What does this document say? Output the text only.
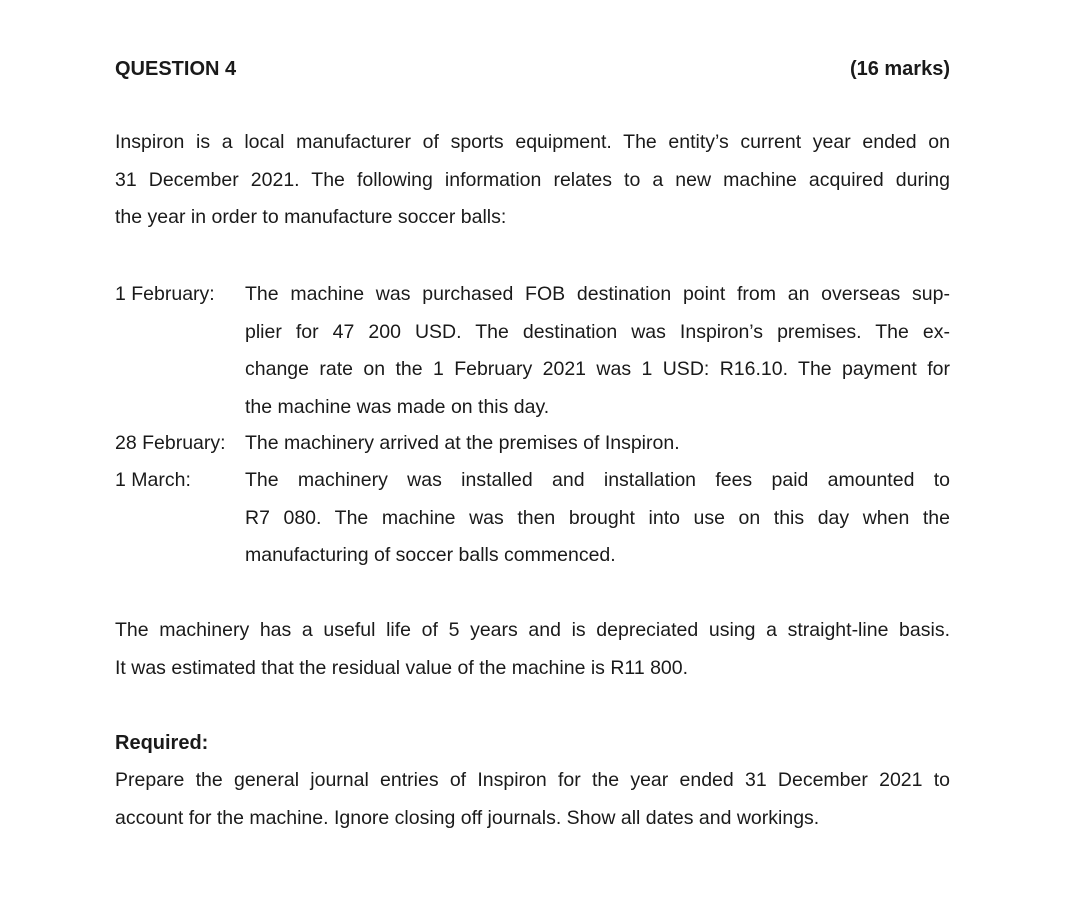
QUESTION 4	(16 marks)
Inspiron is a local manufacturer of sports equipment. The entity’s current year ended on
31 December 2021. The following information relates to a new machine acquired during
the year in order to manufacture soccer balls:
1 February: The machine was purchased FOB destination point from an overseas sup-
plier for 47 200 USD. The destination was Inspiron’s premises. The ex-
change rate on the 1 February 2021 was 1 USD: R16.10. The payment for
the machine was made on this day.
28 February: The machinery arrived at the premises of Inspiron.
1 March:	The machinery was installed and installation fees paid amounted to
R7 080. The machine was then brought into use on this day when the
manufacturing of soccer balls commenced.
The machinery has a useful life of 5 years and is depreciated using a straight-line basis.
It was estimated that the residual value of the machine is R11 800.
Required:
Prepare the general journal entries of Inspiron for the year ended 31 December 2021 to
account for the machine. Ignore closing off journals. Show all dates and workings.
